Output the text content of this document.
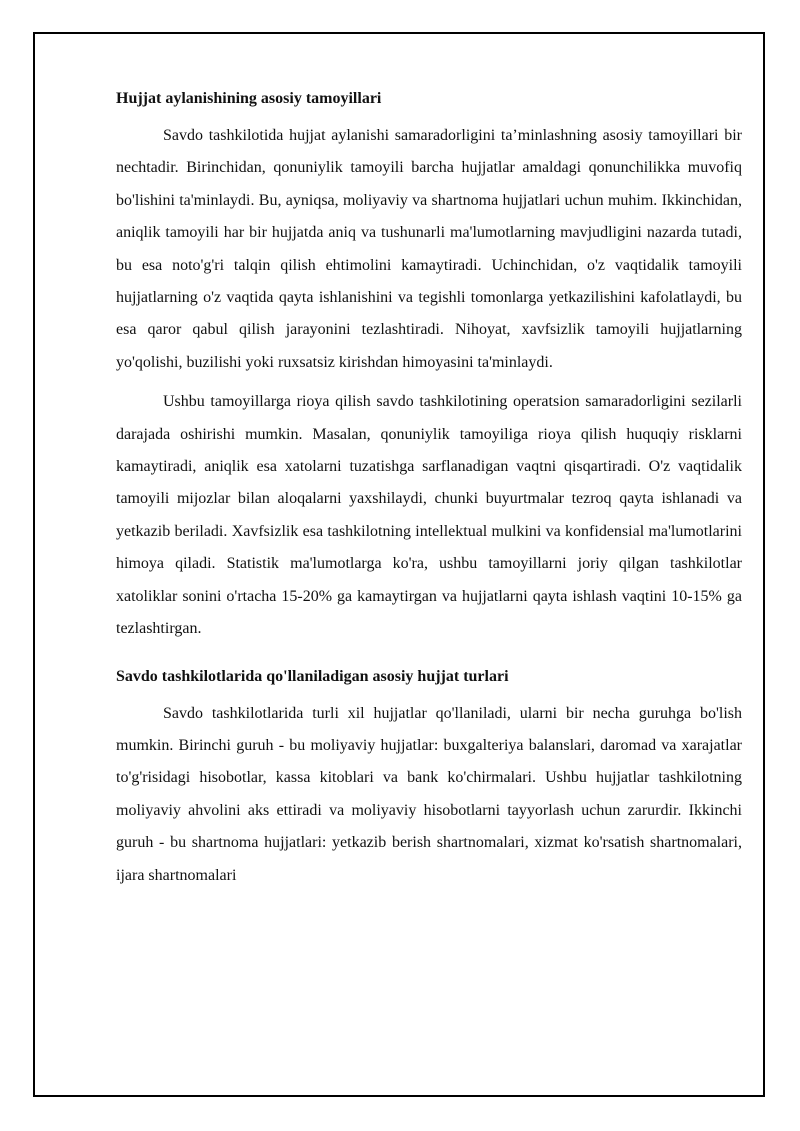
Hujjat aylanishining asosiy tamoyillari

Savdo tashkilotida hujjat aylanishi samaradorligini ta’minlashning asosiy tamoyillari bir nechtadir. Birinchidan, qonuniylik tamoyili barcha hujjatlar amaldagi qonunchilikka muvofiq bo'lishini ta'minlaydi. Bu, ayniqsa, moliyaviy va shartnoma hujjatlari uchun muhim. Ikkinchidan, aniqlik tamoyili har bir hujjatda aniq va tushunarli ma'lumotlarning mavjudligini nazarda tutadi, bu esa noto'g'ri talqin qilish ehtimolini kamaytiradi. Uchinchidan, o'z vaqtidalik tamoyili hujjatlarning o'z vaqtida qayta ishlanishini va tegishli tomonlarga yetkazilishini kafolatlaydi, bu esa qaror qabul qilish jarayonini tezlashtiradi. Nihoyat, xavfsizlik tamoyili hujjatlarning yo'qolishi, buzilishi yoki ruxsatsiz kirishdan himoyasini ta'minlaydi.

Ushbu tamoyillarga rioya qilish savdo tashkilotining operatsion samaradorligini sezilarli darajada oshirishi mumkin. Masalan, qonuniylik tamoyiliga rioya qilish huquqiy risklarni kamaytiradi, aniqlik esa xatolarni tuzatishga sarflanadigan vaqtni qisqartiradi. O'z vaqtidalik tamoyili mijozlar bilan aloqalarni yaxshilaydi, chunki buyurtmalar tezroq qayta ishlanadi va yetkazib beriladi. Xavfsizlik esa tashkilotning intellektual mulkini va konfidensial ma'lumotlarini himoya qiladi. Statistik ma'lumotlarga ko'ra, ushbu tamoyillarni joriy qilgan tashkilotlar xatoliklar sonini o'rtacha 15-20% ga kamaytirgan va hujjatlarni qayta ishlash vaqtini 10-15% ga tezlashtirgan.

Savdo tashkilotlarida qo'llaniladigan asosiy hujjat turlari

Savdo tashkilotlarida turli xil hujjatlar qo'llaniladi, ularni bir necha guruhga bo'lish mumkin. Birinchi guruh - bu moliyaviy hujjatlar: buxgalteriya balanslari, daromad va xarajatlar to'g'risidagi hisobotlar, kassa kitoblari va bank ko'chirmalari. Ushbu hujjatlar tashkilotning moliyaviy ahvolini aks ettiradi va moliyaviy hisobotlarni tayyorlash uchun zarurdir. Ikkinchi guruh - bu shartnoma hujjatlari: yetkazib berish shartnomalari, xizmat ko'rsatish shartnomalari, ijara shartnomalari
